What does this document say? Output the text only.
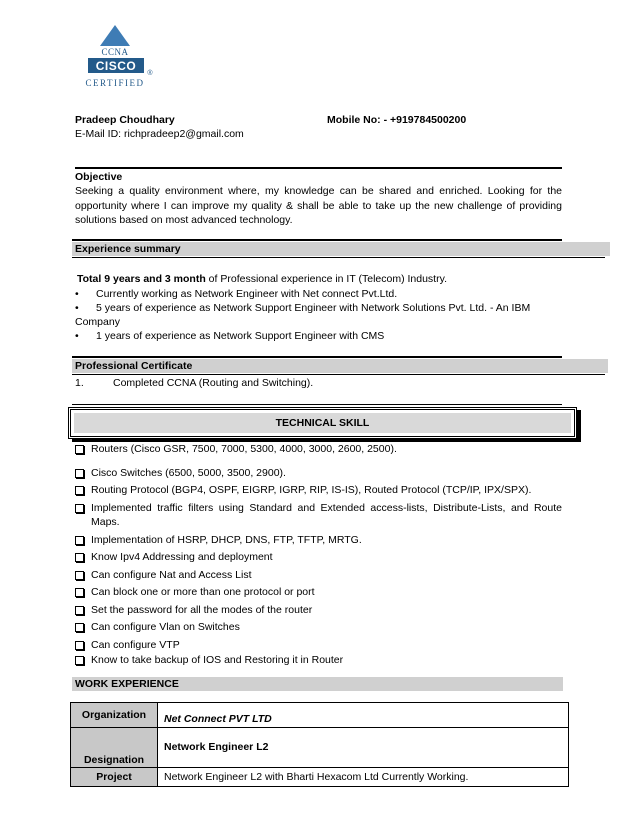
CCNA
CISCO
®
CERTIFIED
Pradeep Choudhary	Mobile No: - +919784500200
E-Mail ID: richpradeep2@gmail.com
Objective
Seeking a quality environment where, my knowledge can be shared and enriched. Looking for the opportunity where I can improve my quality & shall be able to take up the new challenge of providing solutions based on most advanced technology.
Experience summary
Total 9 years and 3 month of Professional experience in IT (Telecom) Industry.
• Currently working as Network Engineer with Net connect Pvt.Ltd.
• 5 years of experience as Network Support Engineer with Network Solutions Pvt. Ltd. - An IBM
Company
• 1 years of experience as Network Support Engineer with CMS
Professional Certificate
1.	Completed CCNA (Routing and Switching).
TECHNICAL SKILL
Routers (Cisco GSR, 7500, 7000, 5300, 4000, 3000, 2600, 2500).
Cisco Switches (6500, 5000, 3500, 2900).
Routing Protocol (BGP4, OSPF, EIGRP, IGRP, RIP, IS-IS), Routed Protocol (TCP/IP, IPX/SPX).
Implemented traffic filters using Standard and Extended access-lists, Distribute-Lists, and Route Maps.
Implementation of HSRP, DHCP, DNS, FTP, TFTP, MRTG.
Know Ipv4 Addressing and deployment
Can configure Nat and Access List
Can block one or more than one protocol or port
Set the password for all the modes of the router
Can configure Vlan on Switches
Can configure VTP
Know to take backup of IOS and Restoring it in Router
WORK EXPERIENCE
Organization	Net Connect PVT LTD
Designation	Network Engineer L2
Project	Network Engineer L2 with Bharti Hexacom Ltd Currently Working.
